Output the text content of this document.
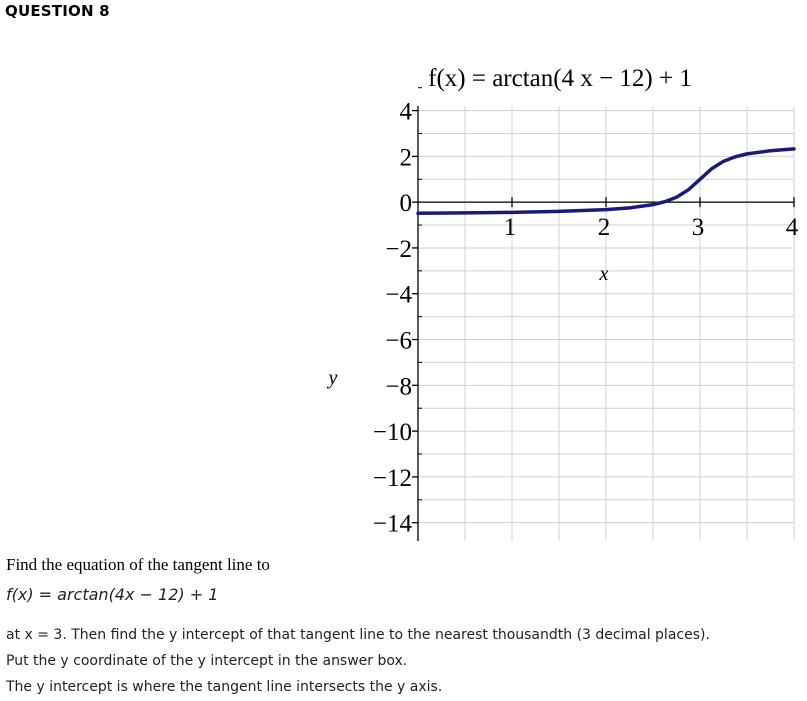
QUESTION 8
f(x) = arctan(4 x − 12) + 1
4
2
0
−2
−4
−6
−8
−10
−12
−14
1	2	3	4
x
y
Find the equation of the tangent line to
f(x) = arctan(4x − 12) + 1
at x = 3. Then find the y intercept of that tangent line to the nearest thousandth (3 decimal places).
Put the y coordinate of the y intercept in the answer box.
The y intercept is where the tangent line intersects the y axis.
